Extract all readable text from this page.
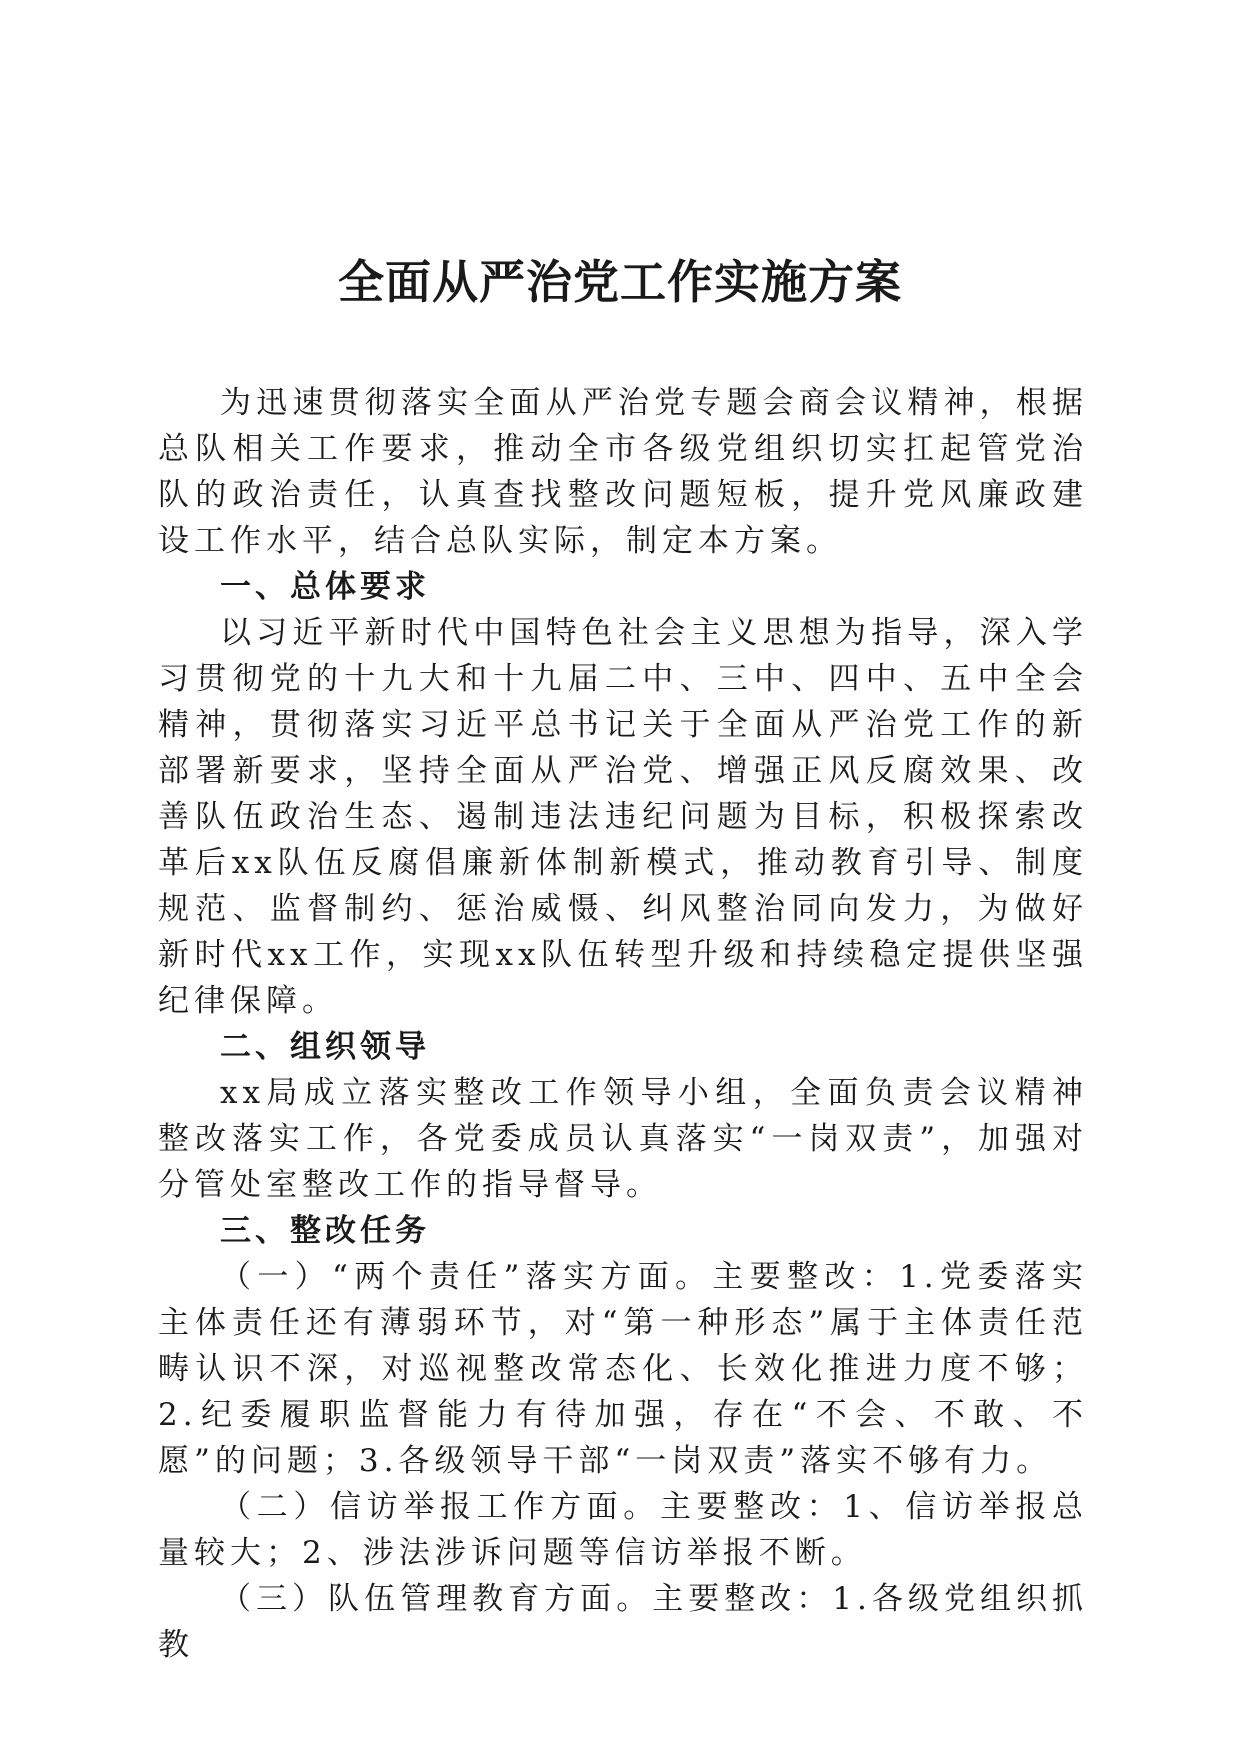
全面从严治党工作实施方案

为迅速贯彻落实全面从严治党专题会商会议精神，根据总队相关工作要求，推动全市各级党组织切实扛起管党治队的政治责任，认真查找整改问题短板，提升党风廉政建设工作水平，结合总队实际，制定本方案。

一、总体要求

以习近平新时代中国特色社会主义思想为指导，深入学习贯彻党的十九大和十九届二中、三中、四中、五中全会精神，贯彻落实习近平总书记关于全面从严治党工作的新部署新要求，坚持全面从严治党、增强正风反腐效果、改善队伍政治生态、遏制违法违纪问题为目标，积极探索改革后xx队伍反腐倡廉新体制新模式，推动教育引导、制度规范、监督制约、惩治威慑、纠风整治同向发力，为做好新时代xx工作，实现xx队伍转型升级和持续稳定提供坚强纪律保障。

二、组织领导

xx局成立落实整改工作领导小组，全面负责会议精神整改落实工作，各党委成员认真落实“一岗双责”，加强对分管处室整改工作的指导督导。

三、整改任务

（一）“两个责任”落实方面。主要整改：1.党委落实主体责任还有薄弱环节，对“第一种形态”属于主体责任范畴认识不深，对巡视整改常态化、长效化推进力度不够；2.纪委履职监督能力有待加强，存在“不会、不敢、不愿”的问题；3.各级领导干部“一岗双责”落实不够有力。

（二）信访举报工作方面。主要整改：1、信访举报总量较大；2、涉法涉诉问题等信访举报不断。

（三）队伍管理教育方面。主要整改：1.各级党组织抓教
